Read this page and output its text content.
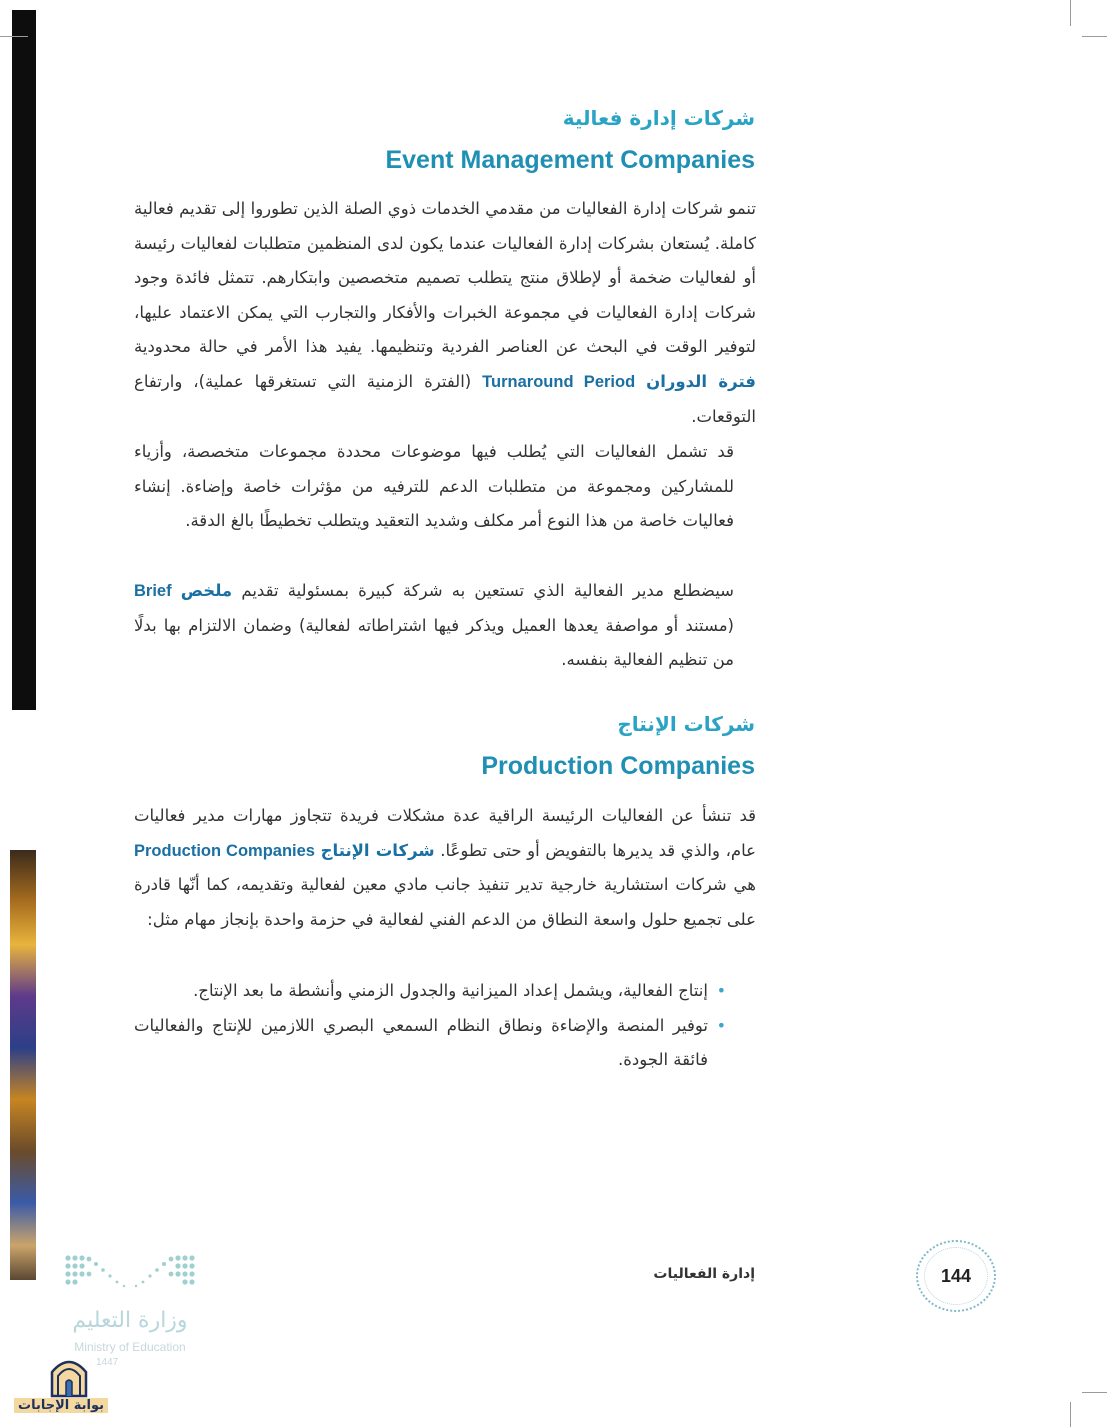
شركات إدارة فعالية
Event Management Companies
تنمو شركات إدارة الفعاليات من مقدمي الخدمات ذوي الصلة الذين تطوروا إلى تقديم فعالية كاملة. يُستعان بشركات إدارة الفعاليات عندما يكون لدى المنظمين متطلبات لفعاليات رئيسة أو لفعاليات ضخمة أو لإطلاق منتج يتطلب تصميم متخصصين وابتكارهم. تتمثل فائدة وجود شركات إدارة الفعاليات في مجموعة الخبرات والأفكار والتجارب التي يمكن الاعتماد عليها، لتوفير الوقت في البحث عن العناصر الفردية وتنظيمها. يفيد هذا الأمر في حالة محدودية فترة الدوران Turnaround Period (الفترة الزمنية التي تستغرقها عملية)، وارتفاع التوقعات.
قد تشمل الفعاليات التي يُطلب فيها موضوعات محددة مجموعات متخصصة، وأزياء للمشاركين ومجموعة من متطلبات الدعم للترفيه من مؤثرات خاصة وإضاءة. إنشاء فعاليات خاصة من هذا النوع أمر مكلف وشديد التعقيد ويتطلب تخطيطًا بالغ الدقة.
سيضطلع مدير الفعالية الذي تستعين به شركة كبيرة بمسئولية تقديم ملخص Brief (مستند أو مواصفة يعدها العميل ويذكر فيها اشتراطاته لفعالية) وضمان الالتزام بها بدلًا من تنظيم الفعالية بنفسه.
شركات الإنتاج
Production Companies
قد تنشأ عن الفعاليات الرئيسة الراقية عدة مشكلات فريدة تتجاوز مهارات مدير فعاليات عام، والذي قد يديرها بالتفويض أو حتى تطوعًا. شركات الإنتاج Production Companies هي شركات استشارية خارجية تدير تنفيذ جانب مادي معين لفعالية وتقديمه، كما أنّها قادرة على تجميع حلول واسعة النطاق من الدعم الفني لفعالية في حزمة واحدة بإنجاز مهام مثل:
•
إنتاج الفعالية، ويشمل إعداد الميزانية والجدول الزمني وأنشطة ما بعد الإنتاج.
•
توفير المنصة والإضاءة ونطاق النظام السمعي البصري اللازمين للإنتاج والفعاليات فائقة الجودة.
إدارة الفعاليات	144
وزارة التعليم
Ministry of Education
1447
بوابة الإجابات
